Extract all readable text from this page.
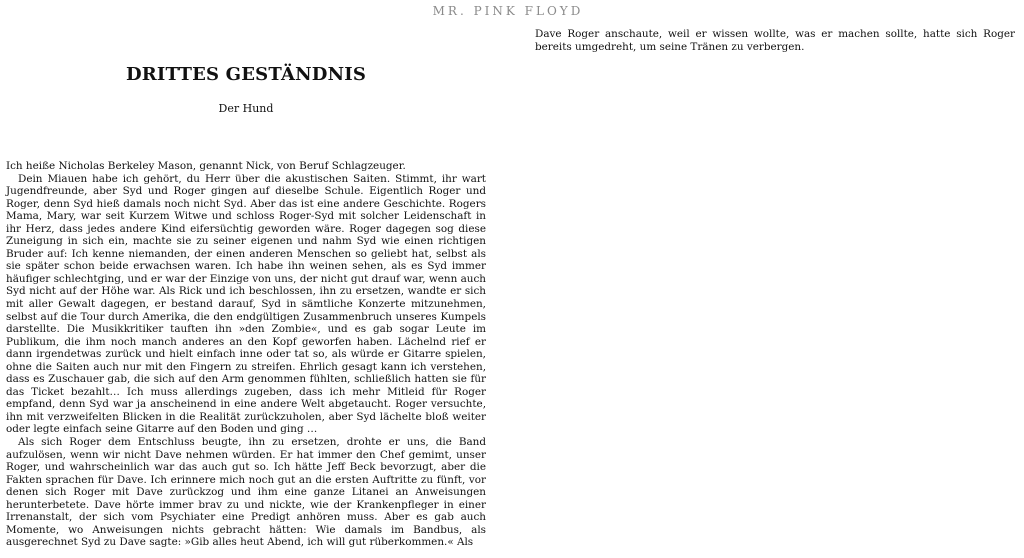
MR. PINK FLOYD
DRITTES GESTÄNDNIS
Der Hund

Ich heiße Nicholas Berkeley Mason, genannt Nick, von Beruf Schlagzeuger.

Dein Miauen habe ich gehört, du Herr über die akustischen Saiten. Stimmt, ihr wart Jugendfreunde, aber Syd und Roger gingen auf dieselbe Schule. Eigentlich Roger und Roger, denn Syd hieß damals noch nicht Syd. Aber das ist eine andere Geschichte. Rogers Mama, Mary, war seit Kurzem Witwe und schloss Roger-Syd mit solcher Leidenschaft in ihr Herz, dass jedes andere Kind eifersüchtig geworden wäre. Roger dagegen sog diese Zuneigung in sich ein, machte sie zu seiner eigenen und nahm Syd wie einen richtigen Bruder auf: Ich kenne niemanden, der einen anderen Menschen so geliebt hat, selbst als sie später schon beide erwachsen waren. Ich habe ihn weinen sehen, als es Syd immer häufiger schlechtging, und er war der Einzige von uns, der nicht gut drauf war, wenn auch Syd nicht auf der Höhe war. Als Rick und ich beschlossen, ihn zu ersetzen, wandte er sich mit aller Gewalt dagegen, er bestand darauf, Syd in sämtliche Konzerte mitzunehmen, selbst auf die Tour durch Amerika, die den endgültigen Zusammenbruch unseres Kumpels darstellte. Die Musikkritiker tauften ihn »den Zombie«, und es gab sogar Leute im Publikum, die ihm noch manch anderes an den Kopf geworfen haben. Lächelnd rief er dann irgendetwas zurück und hielt einfach inne oder tat so, als würde er Gitarre spielen, ohne die Saiten auch nur mit den Fingern zu streifen. Ehrlich gesagt kann ich verstehen, dass es Zuschauer gab, die sich auf den Arm genommen fühlten, schließlich hatten sie für das Ticket bezahlt… Ich muss allerdings zugeben, dass ich mehr Mitleid für Roger empfand, denn Syd war ja anscheinend in eine andere Welt abgetaucht. Roger versuchte, ihn mit verzweifelten Blicken in die Realität zurückzuholen, aber Syd lächelte bloß weiter oder legte einfach seine Gitarre auf den Boden und ging …

Als sich Roger dem Entschluss beugte, ihn zu ersetzen, drohte er uns, die Band aufzulösen, wenn wir nicht Dave nehmen würden. Er hat immer den Chef gemimt, unser Roger, und wahrscheinlich war das auch gut so. Ich hätte Jeff Beck bevorzugt, aber die Fakten sprachen für Dave. Ich erinnere mich noch gut an die ersten Auftritte zu fünft, vor denen sich Roger mit Dave zurückzog und ihm eine ganze Litanei an Anweisungen herunterbetete. Dave hörte immer brav zu und nickte, wie der Krankenpfleger in einer Irrenanstalt, der sich vom Psychiater eine Predigt anhören muss. Aber es gab auch Momente, wo Anweisungen nichts gebracht hätten: Wie damals im Bandbus, als ausgerechnet Syd zu Dave sagte: »Gib alles heut Abend, ich will gut rüberkommen.« Als

Dave Roger anschaute, weil er wissen wollte, was er machen sollte, hatte sich Roger bereits umgedreht, um seine Tränen zu verbergen.
